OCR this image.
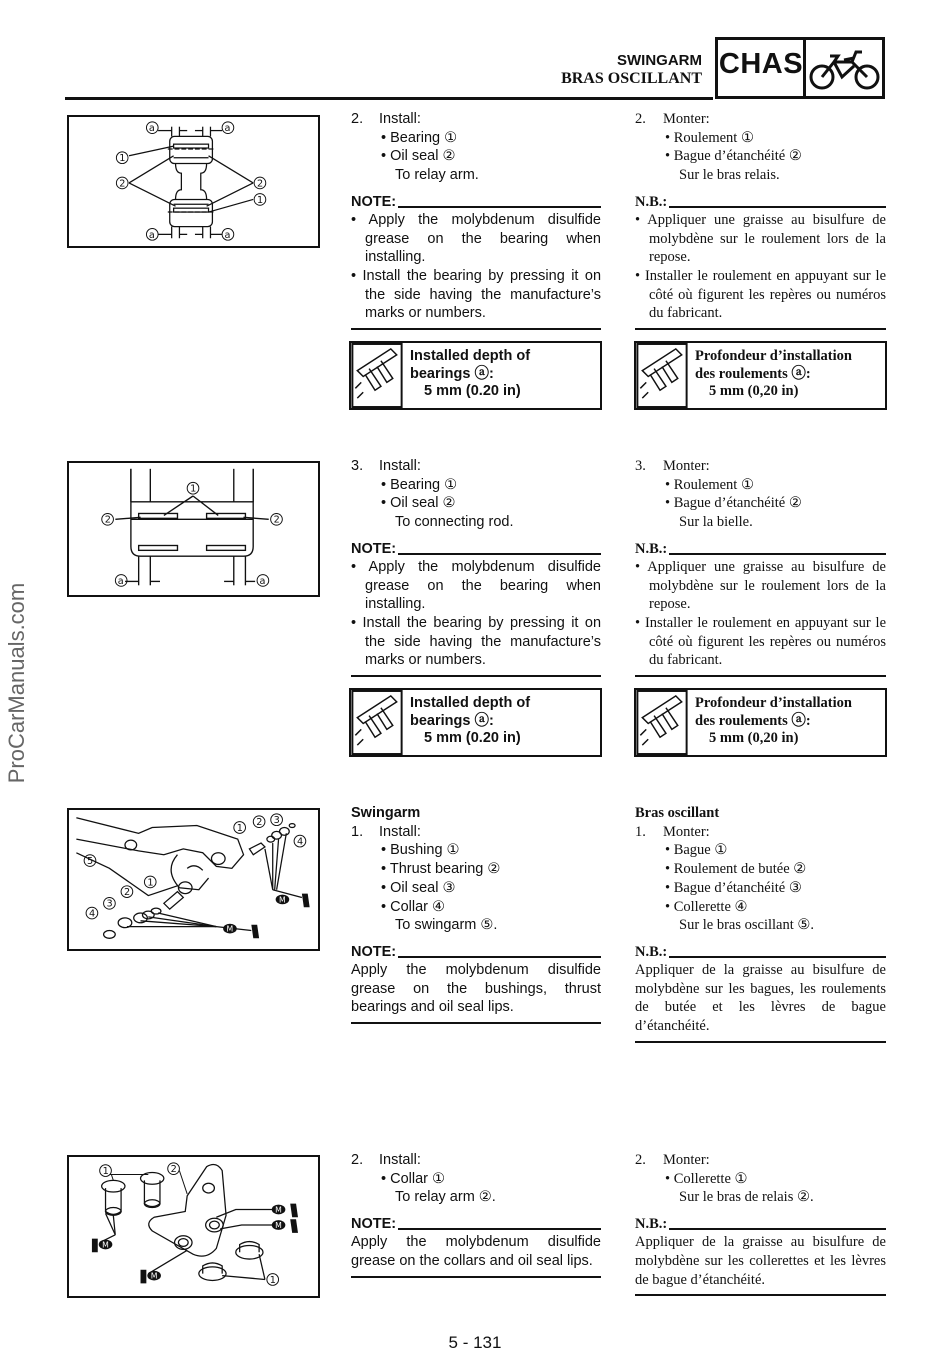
SWINGARM
BRAS OSCILLANT CHAS
ProCarManuals.com
a	a
a	a
1
2	2
1
2. Install:
• Bearing ①
• Oil seal ②
To relay arm.
NOTE:
• Apply the molybdenum disulfide grease on the bearing when installing.
• Install the bearing by pressing it on the side having the manufacture’s marks or numbers.
2. Monter:
• Roulement ①
• Bague d’étanchéité ②
Sur le bras relais.
N.B.:
• Appliquer une graisse au bisulfure de molybdène sur le roulement lors de la repose.
• Installer le roulement en appuyant sur le côté où figurent les repères ou numéros du fabricant.
Installed depth of
bearings ⓐ:
5 mm (0.20 in)
Profondeur d’installation
des roulements ⓐ:
5 mm (0,20 in)
1
2	2
a	a
3. Install:
• Bearing ①
• Oil seal ②
To connecting rod.
NOTE:
• Apply the molybdenum disulfide grease on the bearing when installing.
• Install the bearing by pressing it on the side having the manufacture’s marks or numbers.
3. Monter:
• Roulement ①
• Bague d’étanchéité ②
Sur la bielle.
N.B.:
• Appliquer une graisse au bisulfure de molybdène sur le roulement lors de la repose.
• Installer le roulement en appuyant sur le côté où figurent les repères ou numéros du fabricant.
Installed depth of
bearings ⓐ:
5 mm (0.20 in)
Profondeur d’installation
des roulements ⓐ:
5 mm (0,20 in)
M
M
5
1
2
3
4
1
2 3
4
Swingarm
1. Install:
• Bushing ①
• Thrust bearing ②
• Oil seal ③
• Collar ④
To swingarm ⑤.
NOTE:
Apply the molybdenum disulfide grease on the bushings, thrust bearings and oil seal lips.
Bras oscillant
1. Monter:
• Bague ①
• Roulement de butée ②
• Bague d’étanchéité ③
• Collerette ④
Sur le bras oscillant ⑤.
N.B.:
Appliquer de la graisse au bisulfure de molybdène sur les bagues, les roulements de butée et les lèvres de bague d’étanchéité.
M
M
M
M
1	2
1
2. Install:
• Collar ①
To relay arm ②.
NOTE:
Apply the molybdenum disulfide grease on the collars and oil seal lips.
2. Monter:
• Collerette ①
Sur le bras de relais ②.
N.B.:
Appliquer de la graisse au bisulfure de molybdène sur les collerettes et les lèvres de bague d’étanchéité.
5 - 131
